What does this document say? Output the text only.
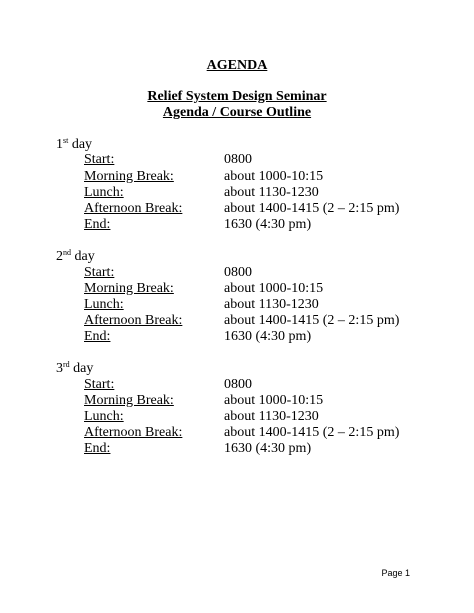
AGENDA
Relief System Design Seminar
Agenda / Course Outline
1st day
Start:	0800
Morning Break:	about 1000-10:15
Lunch:	about 1130-1230
Afternoon Break:	about 1400-1415 (2 – 2:15 pm)
End:	1630 (4:30 pm)
2nd day
Start:	0800
Morning Break:	about 1000-10:15
Lunch:	about 1130-1230
Afternoon Break:	about 1400-1415 (2 – 2:15 pm)
End:	1630 (4:30 pm)
3rd day
Start:	0800
Morning Break:	about 1000-10:15
Lunch:	about 1130-1230
Afternoon Break:	about 1400-1415 (2 – 2:15 pm)
End:	1630 (4:30 pm)
Page 1
